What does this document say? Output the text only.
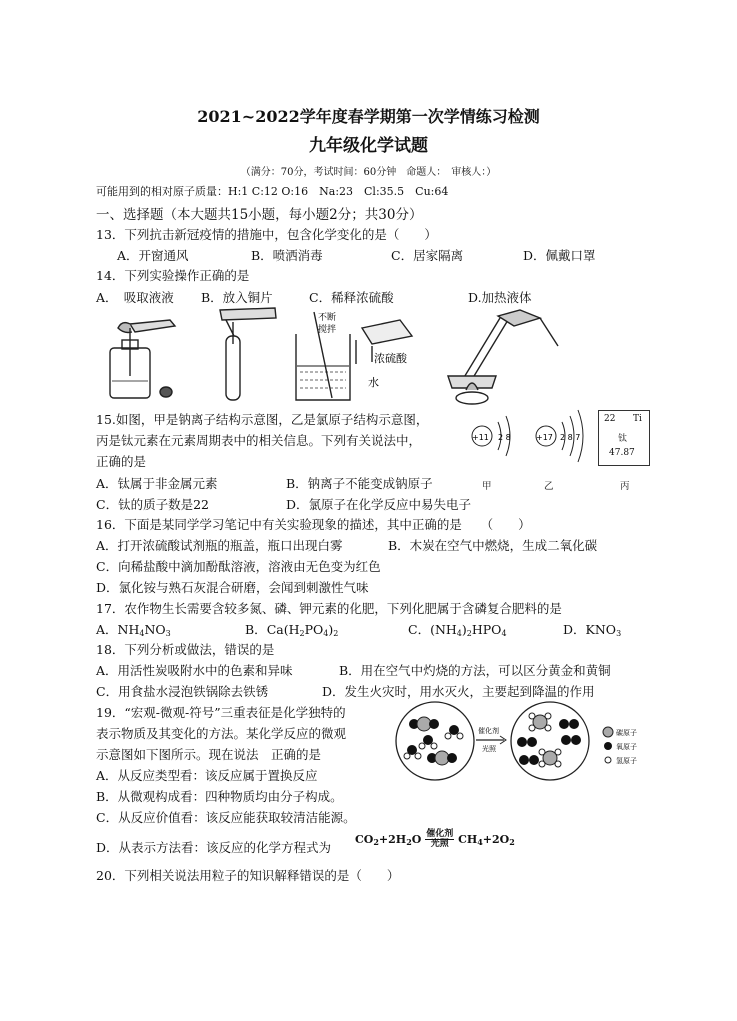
2021~2022学年度春学期第一次学情练习检测
九年级化学试题
（满分：70分，考试时间：60分钟　命题人：　审核人：）
可能用到的相对原子质量：H:1 C:12 O:16　Na:23　Cl:35.5　Cu:64
一、选择题（本大题共15小题，每小题2分；共30分）
13．下列抗击新冠疫情的措施中，包含化学变化的是（　　）
A．开窗通风	B．喷洒消毒	C．居家隔离	D．佩戴口罩
14．下列实验操作正确的是
A．　吸取液液 B．放入铜片	C．稀释浓硫酸	D.加热液体
不断
搅拌
浓硫酸
水
15.如图，甲是钠离子结构示意图，乙是氯原子结构示意图，
丙是钛元素在元素周期表中的相关信息。下列有关说法中，
正确的是
+11 2 8	+17 2 8 7
22 Ti
钛
47.87
甲	乙	丙
A．钛属于非金属元素	B．钠离子不能变成钠原子
C．钛的质子数是22	D．氯原子在化学反应中易失电子
16．下面是某同学学习笔记中有关实验现象的描述，其中正确的是　　（　　）
A．打开浓硫酸试剂瓶的瓶盖，瓶口出现白雾	B．木炭在空气中燃烧，生成二氧化碳
C．向稀盐酸中滴加酚酞溶液，溶液由无色变为红色
D．氯化铵与熟石灰混合研磨，会闻到刺激性气味
17．农作物生长需要含较多氮、磷、钾元素的化肥，下列化肥属于含磷复合肥料的是
A．$NH_4NO_3$	B．$Ca(H_2PO_4)_2$	C．$(NH_4)_2HPO_4$	D．$KNO_3$
18．下列分析或做法，错误的是
A．用活性炭吸附水中的色素和异味	B．用在空气中灼烧的方法，可以区分黄金和黄铜
C．用食盐水浸泡铁锅除去铁锈	D．发生火灾时，用水灭火，主要起到降温的作用
19．“宏观-微观-符号”三重表征是化学独特的
表示物质及其变化的方法。某化学反应的微观
示意图如下图所示。现在说法　正确的是
A．从反应类型看：该反应属于置换反应
B．从微观构成看：四种物质均由分子构成。
C．从反应价值看：该反应能获取较清洁能源。
D．从表示方法看：该反应的化学方程式为
$CO_2+2H_2O$ 催化剂
光照 $CH_4+2O_2$
催化剂
光照
碳原子
氧原子
氢原子
20．下列相关说法用粒子的知识解释错误的是（　　）
